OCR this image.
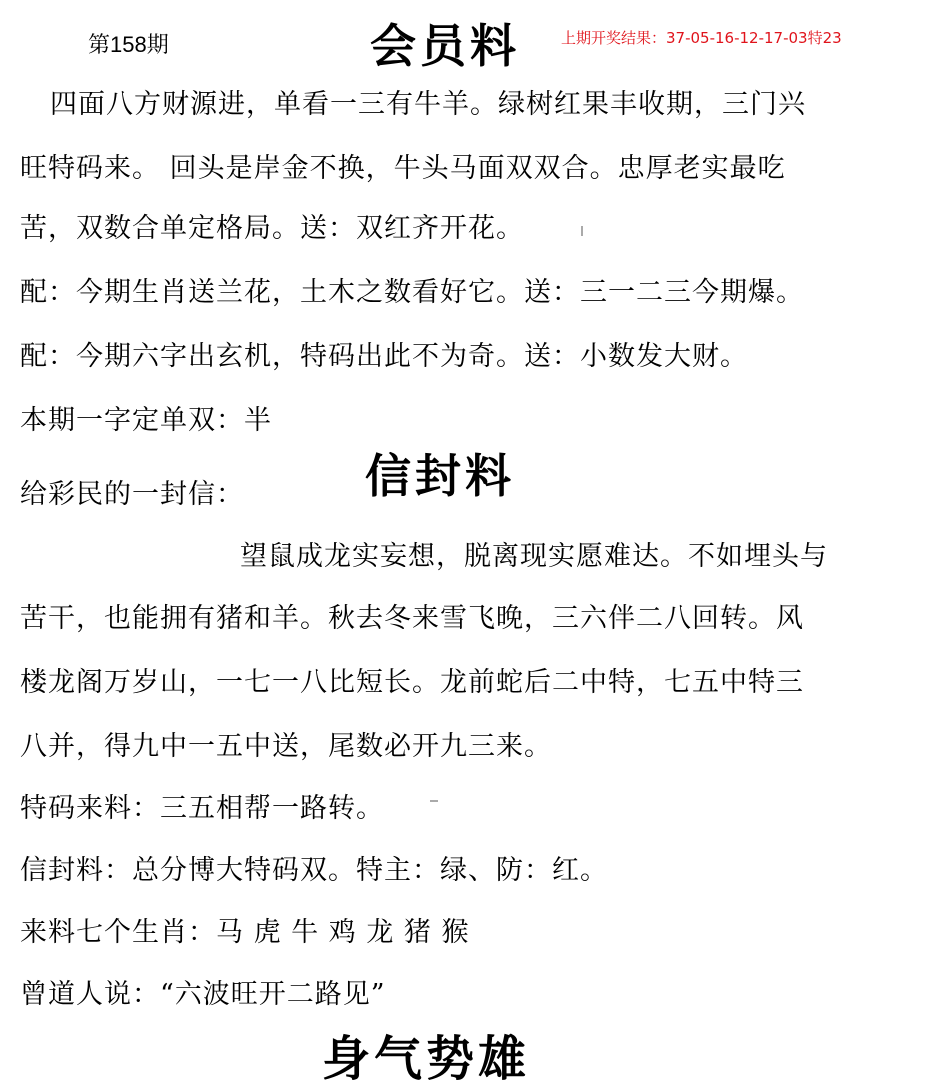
第158期	会员料	上期开奖结果：37-05-16-12-17-03特23
四面八方财源进，单看一三有牛羊。绿树红果丰收期，三门兴
旺特码来。 回头是岸金不换，牛头马面双双合。忠厚老实最吃
苦，双数合单定格局。送：双红齐开花。
配：今期生肖送兰花，土木之数看好它。送：三一二三今期爆。
配：今期六字出玄机，特码出此不为奇。送：小数发大财。
本期一字定单双：半
给彩民的一封信：	信封料
望鼠成龙实妄想，脱离现实愿难达。不如埋头与
苦干，也能拥有猪和羊。秋去冬来雪飞晚，三六伴二八回转。风
楼龙阁万岁山，一七一八比短长。龙前蛇后二中特，七五中特三
八并，得九中一五中送，尾数必开九三来。
特码来料：三五相帮一路转。
信封料：总分博大特码双。特主：绿、防：红。
来料七个生肖：马 虎 牛 鸡 龙 猪 猴
曾道人说：“六波旺开二路见”
身气势雄
